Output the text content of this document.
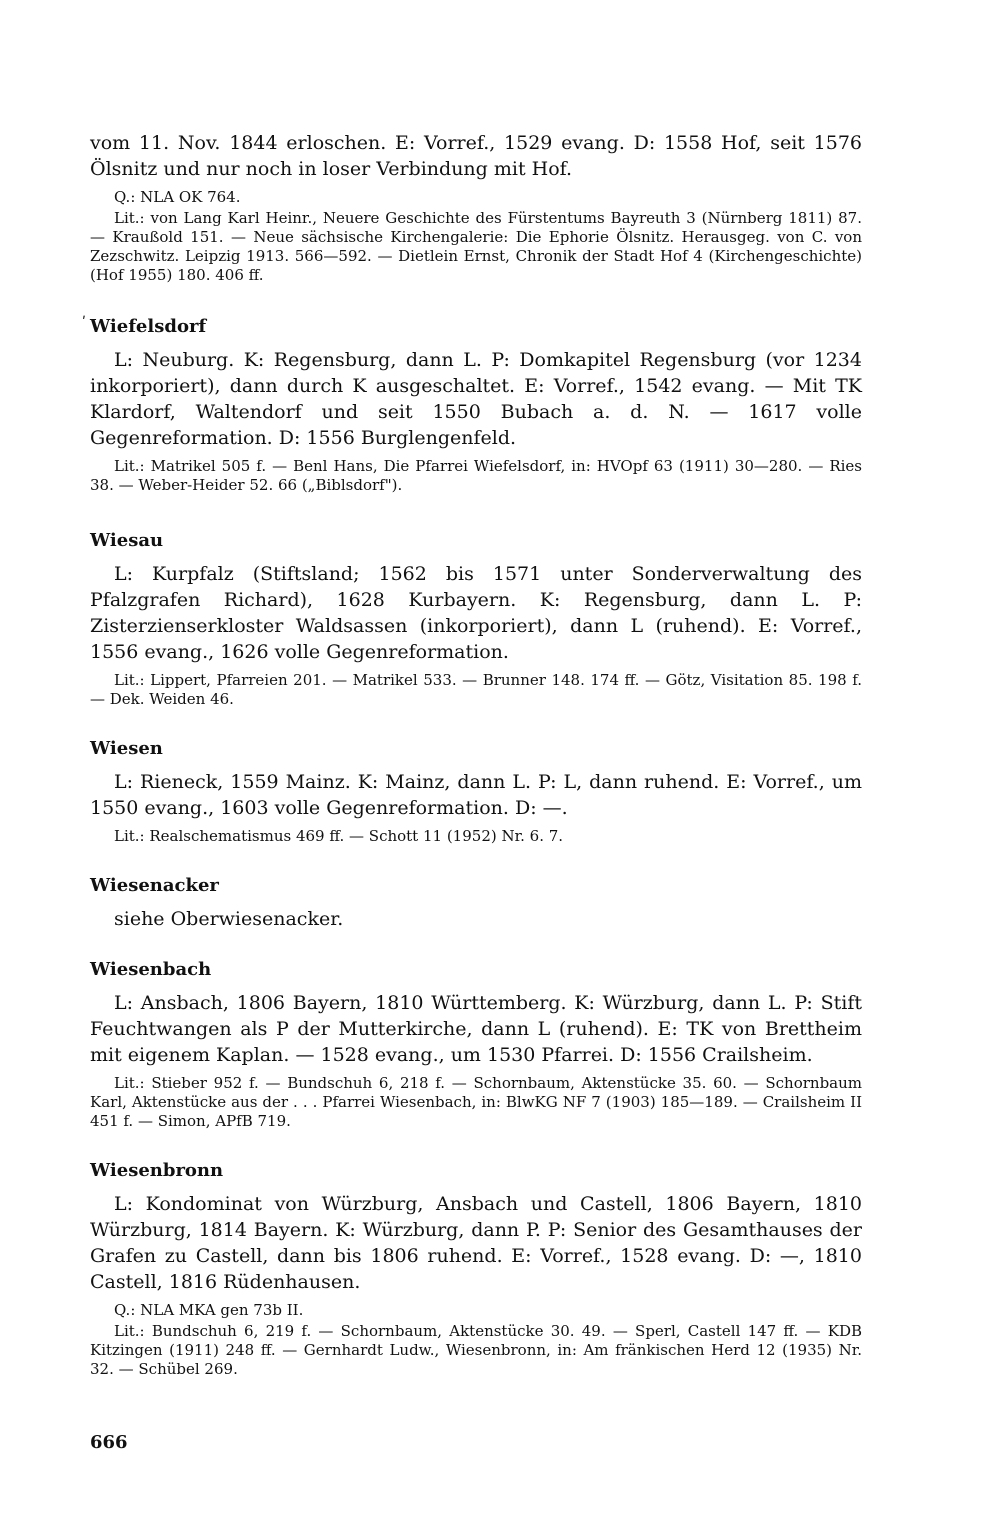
vom 11. Nov. 1844 erloschen. E: Vorref., 1529 evang. D: 1558 Hof, seit 1576 Ölsnitz und nur noch in loser Verbindung mit Hof.

Q.: NLA OK 764.

Lit.: von Lang Karl Heinr., Neuere Geschichte des Fürstentums Bayreuth 3 (Nürnberg 1811) 87. — Kraußold 151. — Neue sächsische Kirchengalerie: Die Ephorie Ölsnitz. Herausgeg. von C. von Zezschwitz. Leipzig 1913. 566—592. — Dietlein Ernst, Chronik der Stadt Hof 4 (Kirchengeschichte) (Hof 1955) 180. 406 ff.

ʹ Wiefelsdorf

L: Neuburg. K: Regensburg, dann L. P: Domkapitel Regensburg (vor 1234 inkorporiert), dann durch K ausgeschaltet. E: Vorref., 1542 evang. — Mit TK Klardorf, Waltendorf und seit 1550 Bubach a. d. N. — 1617 volle Gegenreformation. D: 1556 Burglengenfeld.

Lit.: Matrikel 505 f. — Benl Hans, Die Pfarrei Wiefelsdorf, in: HVOpf 63 (1911) 30—280. — Ries 38. — Weber-Heider 52. 66 („Biblsdorf").

Wiesau

L: Kurpfalz (Stiftsland; 1562 bis 1571 unter Sonderverwaltung des Pfalzgrafen Richard), 1628 Kurbayern. K: Regensburg, dann L. P: Zisterzienserkloster Waldsassen (inkorporiert), dann L (ruhend). E: Vorref., 1556 evang., 1626 volle Gegenreformation.

Lit.: Lippert, Pfarreien 201. — Matrikel 533. — Brunner 148. 174 ff. — Götz, Visitation 85. 198 f. — Dek. Weiden 46.

Wiesen

L: Rieneck, 1559 Mainz. K: Mainz, dann L. P: L, dann ruhend. E: Vorref., um 1550 evang., 1603 volle Gegenreformation. D: —.

Lit.: Realschematismus 469 ff. — Schott 11 (1952) Nr. 6. 7.

Wiesenacker

siehe Oberwiesenacker.

Wiesenbach

L: Ansbach, 1806 Bayern, 1810 Württemberg. K: Würzburg, dann L. P: Stift Feuchtwangen als P der Mutterkirche, dann L (ruhend). E: TK von Brettheim mit eigenem Kaplan. — 1528 evang., um 1530 Pfarrei. D: 1556 Crailsheim.

Lit.: Stieber 952 f. — Bundschuh 6, 218 f. — Schornbaum, Aktenstücke 35. 60. — Schornbaum Karl, Aktenstücke aus der . . . Pfarrei Wiesenbach, in: BlwKG NF 7 (1903) 185—189. — Crailsheim II 451 f. — Simon, APfB 719.

Wiesenbronn

L: Kondominat von Würzburg, Ansbach und Castell, 1806 Bayern, 1810 Würzburg, 1814 Bayern. K: Würzburg, dann P. P: Senior des Gesamthauses der Grafen zu Castell, dann bis 1806 ruhend. E: Vorref., 1528 evang. D: —, 1810 Castell, 1816 Rüdenhausen.

Q.: NLA MKA gen 73b II.

Lit.: Bundschuh 6, 219 f. — Schornbaum, Aktenstücke 30. 49. — Sperl, Castell 147 ff. — KDB Kitzingen (1911) 248 ff. — Gernhardt Ludw., Wiesenbronn, in: Am fränkischen Herd 12 (1935) Nr. 32. — Schübel 269.

666
